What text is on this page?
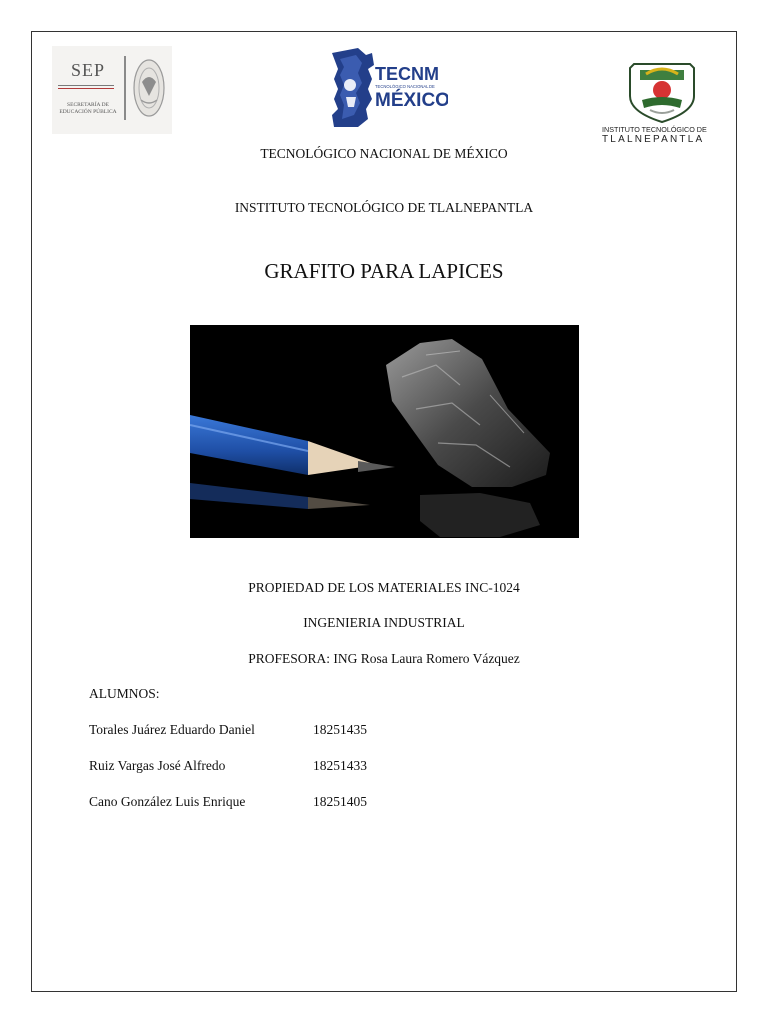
SEP
SECRETARÍA DE
EDUCACIÓN PÚBLICA
TECNM
TECNOLÓGICO NACIONAL DE
MÉXICO
INSTITUTO TECNOLÓGICO DE
TLALNEPANTLA
TECNOLÓGICO NACIONAL DE MÉXICO
INSTITUTO TECNOLÓGICO DE TLALNEPANTLA
GRAFITO PARA LAPICES
PROPIEDAD DE LOS MATERIALES INC-1024
INGENIERIA INDUSTRIAL
PROFESORA: ING Rosa Laura Romero Vázquez
ALUMNOS:
Torales Juárez Eduardo Daniel	18251435
Ruiz Vargas José Alfredo	18251433
Cano González Luis Enrique	18251405
